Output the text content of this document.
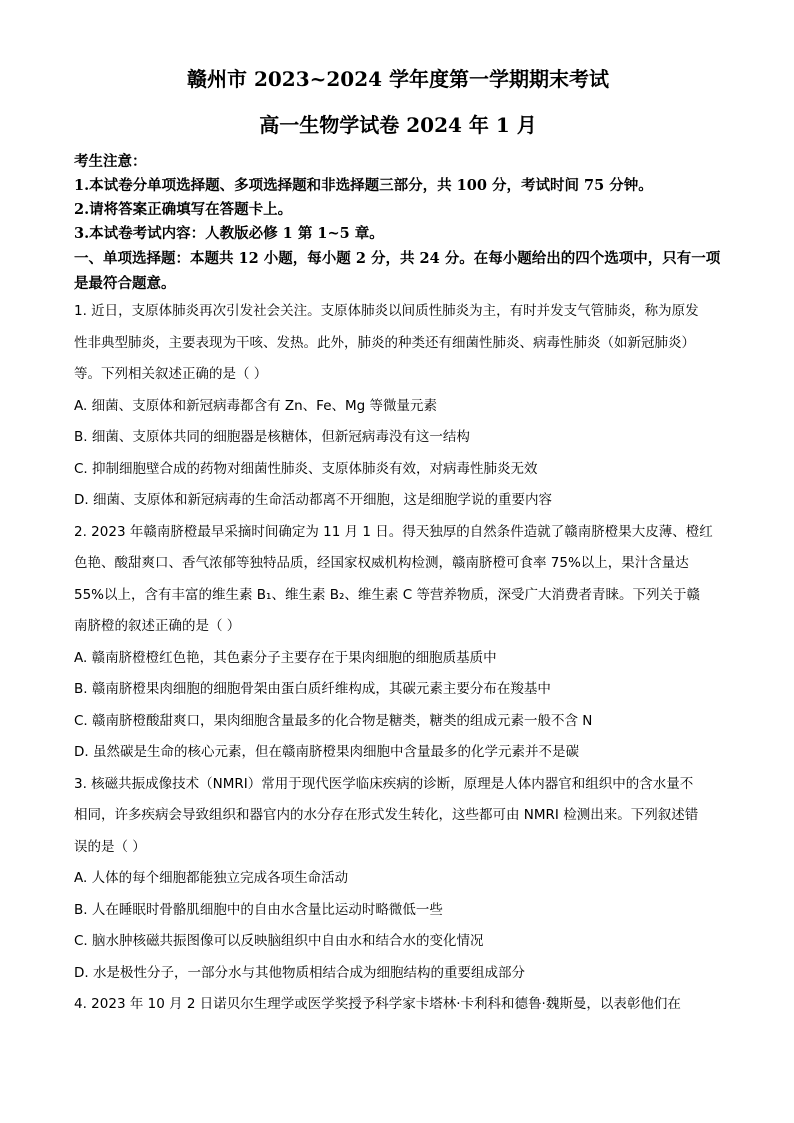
赣州市 2023~2024 学年度第一学期期末考试

高一生物学试卷 2024 年 1 月

考生注意：

1.本试卷分单项选择题、多项选择题和非选择题三部分，共 100 分，考试时间 75 分钟。

2.请将答案正确填写在答题卡上。

3.本试卷考试内容：人教版必修 1 第 1~5 章。

一、单项选择题：本题共 12 小题，每小题 2 分，共 24 分。在每小题给出的四个选项中，只有一项是最符合题意。

1. 近日，支原体肺炎再次引发社会关注。支原体肺炎以间质性肺炎为主，有时并发支气管肺炎，称为原发

性非典型肺炎，主要表现为干咳、发热。此外，肺炎的种类还有细菌性肺炎、病毒性肺炎（如新冠肺炎）

等。下列相关叙述正确的是（ ）

A. 细菌、支原体和新冠病毒都含有 Zn、Fe、Mg 等微量元素

B. 细菌、支原体共同的细胞器是核糖体，但新冠病毒没有这一结构

C. 抑制细胞壁合成的药物对细菌性肺炎、支原体肺炎有效，对病毒性肺炎无效

D. 细菌、支原体和新冠病毒的生命活动都离不开细胞，这是细胞学说的重要内容

2. 2023 年赣南脐橙最早采摘时间确定为 11 月 1 日。得天独厚的自然条件造就了赣南脐橙果大皮薄、橙红

色艳、酸甜爽口、香气浓郁等独特品质，经国家权威机构检测，赣南脐橙可食率 75%以上，果汁含量达

55%以上，含有丰富的维生素 B₁、维生素 B₂、维生素 C 等营养物质，深受广大消费者青睐。下列关于赣

南脐橙的叙述正确的是（ ）

A. 赣南脐橙橙红色艳，其色素分子主要存在于果肉细胞的细胞质基质中

B. 赣南脐橙果肉细胞的细胞骨架由蛋白质纤维构成，其碳元素主要分布在羧基中

C. 赣南脐橙酸甜爽口，果肉细胞含量最多的化合物是糖类，糖类的组成元素一般不含 N

D. 虽然碳是生命的核心元素，但在赣南脐橙果肉细胞中含量最多的化学元素并不是碳

3. 核磁共振成像技术（NMRI）常用于现代医学临床疾病的诊断，原理是人体内器官和组织中的含水量不

相同，许多疾病会导致组织和器官内的水分存在形式发生转化，这些都可由 NMRI 检测出来。下列叙述错

误的是（ ）

A. 人体的每个细胞都能独立完成各项生命活动

B. 人在睡眠时骨骼肌细胞中的自由水含量比运动时略微低一些

C. 脑水肿核磁共振图像可以反映脑组织中自由水和结合水的变化情况

D. 水是极性分子，一部分水与其他物质相结合成为细胞结构的重要组成部分

4. 2023 年 10 月 2 日诺贝尔生理学或医学奖授予科学家卡塔林·卡利科和德鲁·魏斯曼，以表彰他们在
